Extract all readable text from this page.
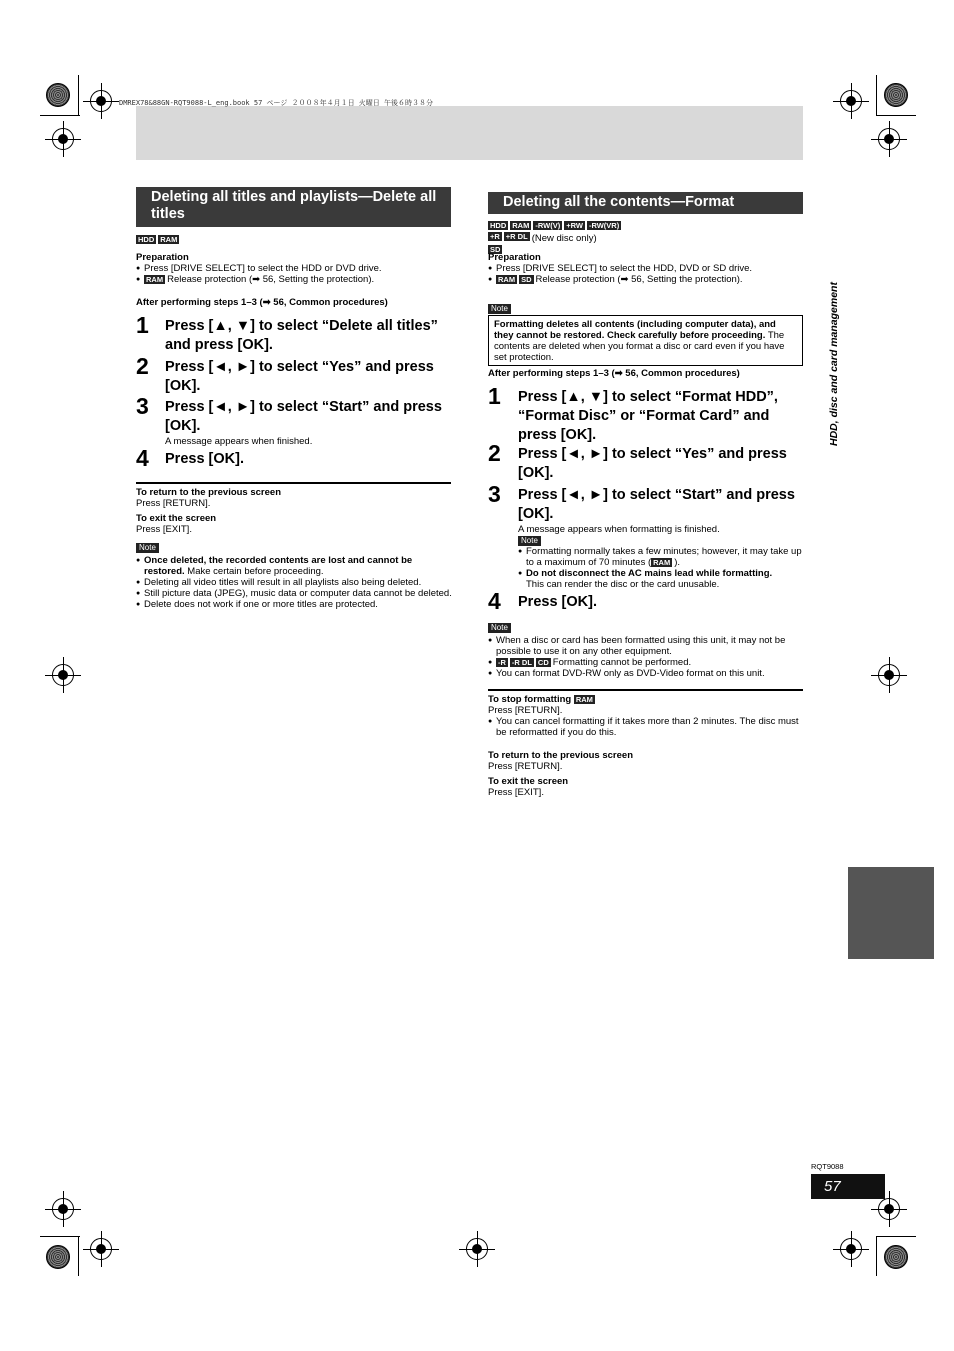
DMREX78&88GN-RQT9088-L_eng.book 57 ページ ２００８年４月１日 火曜日 午後６時３８分
Deleting all titles and playlists—Delete all titles
HDD RAM
Preparation
● Press [DRIVE SELECT] to select the HDD or DVD drive.
● RAM Release protection (➡ 56, Setting the protection).
After performing steps 1–3 (➡ 56, Common procedures)
1 Press [▲, ▼] to select “Delete all titles” and press [OK].
2 Press [◄, ►] to select “Yes” and press [OK].
3 Press [◄, ►] to select “Start” and press [OK].
A message appears when finished.
4 Press [OK].
To return to the previous screen
Press [RETURN].
To exit the screen
Press [EXIT].
Note
● Once deleted, the recorded contents are lost and cannot be restored. Make certain before proceeding.
● Deleting all video titles will result in all playlists also being deleted.
● Still picture data (JPEG), music data or computer data cannot be deleted.
● Delete does not work if one or more titles are protected.
Deleting all the contents—Format
HDD RAM -RW(V) +RW -RW(VR)
+R +R DL (New disc only)
SD
Preparation
● Press [DRIVE SELECT] to select the HDD, DVD or SD drive.
● RAM SD Release protection (➡ 56, Setting the protection).
Note
Formatting deletes all contents (including computer data), and they cannot be restored. Check carefully before proceeding. The contents are deleted when you format a disc or card even if you have set protection.
After performing steps 1–3 (➡ 56, Common procedures)
1 Press [▲, ▼] to select “Format HDD”, “Format Disc” or “Format Card” and press [OK].
2 Press [◄, ►] to select “Yes” and press [OK].
3 Press [◄, ►] to select “Start” and press [OK].
A message appears when formatting is finished.
Note
● Formatting normally takes a few minutes; however, it may take up to a maximum of 70 minutes ( RAM ).
● Do not disconnect the AC mains lead while formatting.
This can render the disc or the card unusable.
4 Press [OK].
Note
● When a disc or card has been formatted using this unit, it may not be possible to use it on any other equipment.
● -R -R DL CD Formatting cannot be performed.
● You can format DVD-RW only as DVD-Video format on this unit.
To stop formatting RAM
Press [RETURN].
● You can cancel formatting if it takes more than 2 minutes. The disc must be reformatted if you do this.
To return to the previous screen
Press [RETURN].
To exit the screen
Press [EXIT].
HDD, disc and card management
RQT9088
57
